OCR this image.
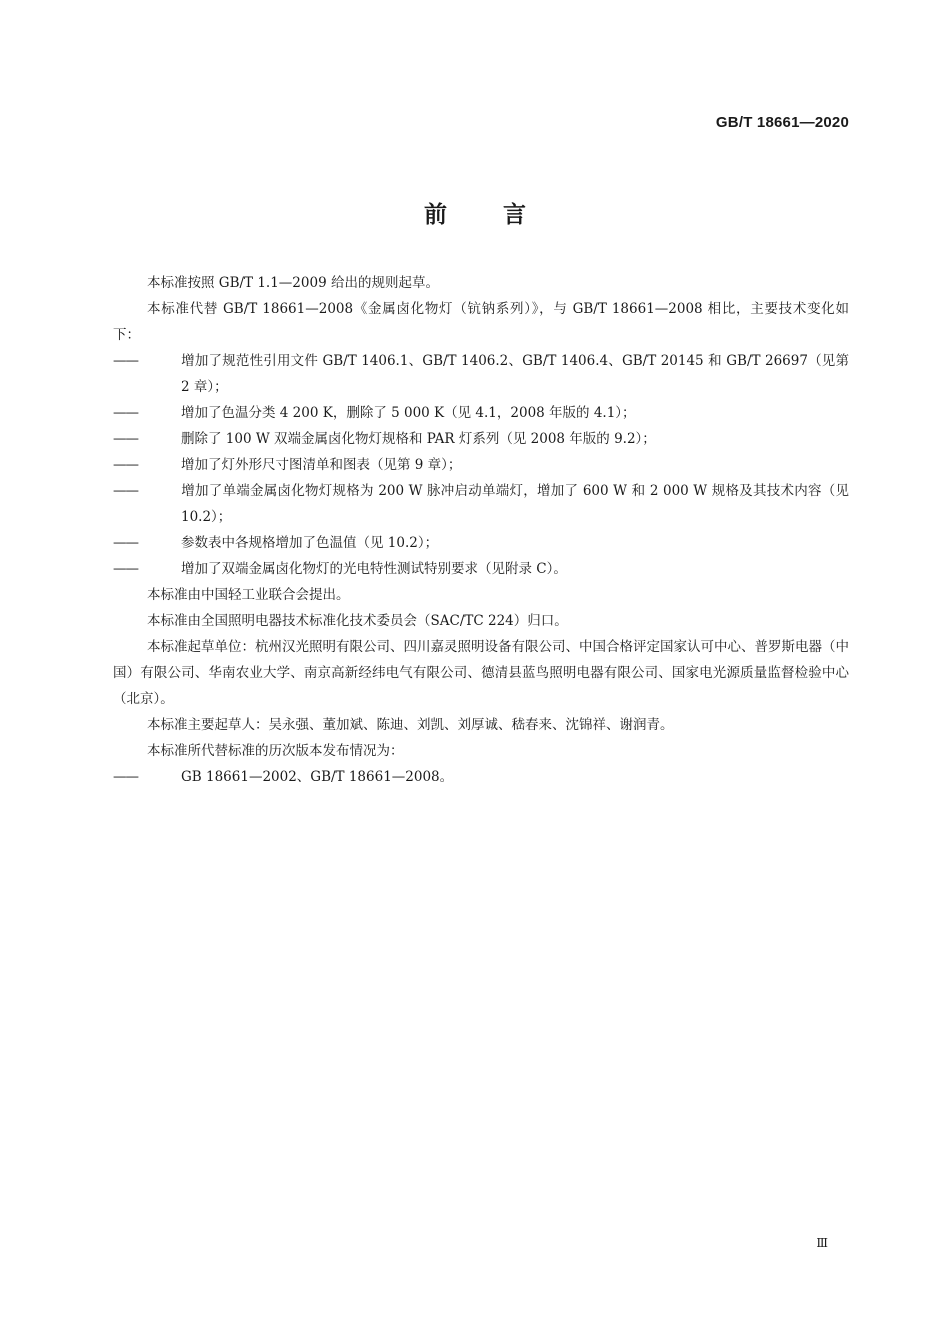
GB/T 18661—2020
前 言

本标准按照 GB/T 1.1—2009 给出的规则起草。

本标准代替 GB/T 18661—2008《金属卤化物灯（钪钠系列）》，与 GB/T 18661—2008 相比，主要技术变化如下：

——	增加了规范性引用文件 GB/T 1406.1、GB/T 1406.2、GB/T 1406.4、GB/T 20145 和 GB/T 26697（见第 2 章）；

——	增加了色温分类 4 200 K，删除了 5 000 K（见 4.1，2008 年版的 4.1）；

——	删除了 100 W 双端金属卤化物灯规格和 PAR 灯系列（见 2008 年版的 9.2）；

——	增加了灯外形尺寸图清单和图表（见第 9 章）；

——	增加了单端金属卤化物灯规格为 200 W 脉冲启动单端灯，增加了 600 W 和 2 000 W 规格及其技术内容（见 10.2）；

——	参数表中各规格增加了色温值（见 10.2）；

——	增加了双端金属卤化物灯的光电特性测试特别要求（见附录 C）。

本标准由中国轻工业联合会提出。

本标准由全国照明电器技术标准化技术委员会（SAC/TC 224）归口。

本标准起草单位：杭州汉光照明有限公司、四川嘉灵照明设备有限公司、中国合格评定国家认可中心、普罗斯电器（中国）有限公司、华南农业大学、南京高新经纬电气有限公司、德清县蓝鸟照明电器有限公司、国家电光源质量监督检验中心（北京）。

本标准主要起草人：吴永强、董加斌、陈迪、刘凯、刘厚诚、嵇春来、沈锦祥、谢润青。

本标准所代替标准的历次版本发布情况为：

——	GB 18661—2002、GB/T 18661—2008。

Ⅲ
